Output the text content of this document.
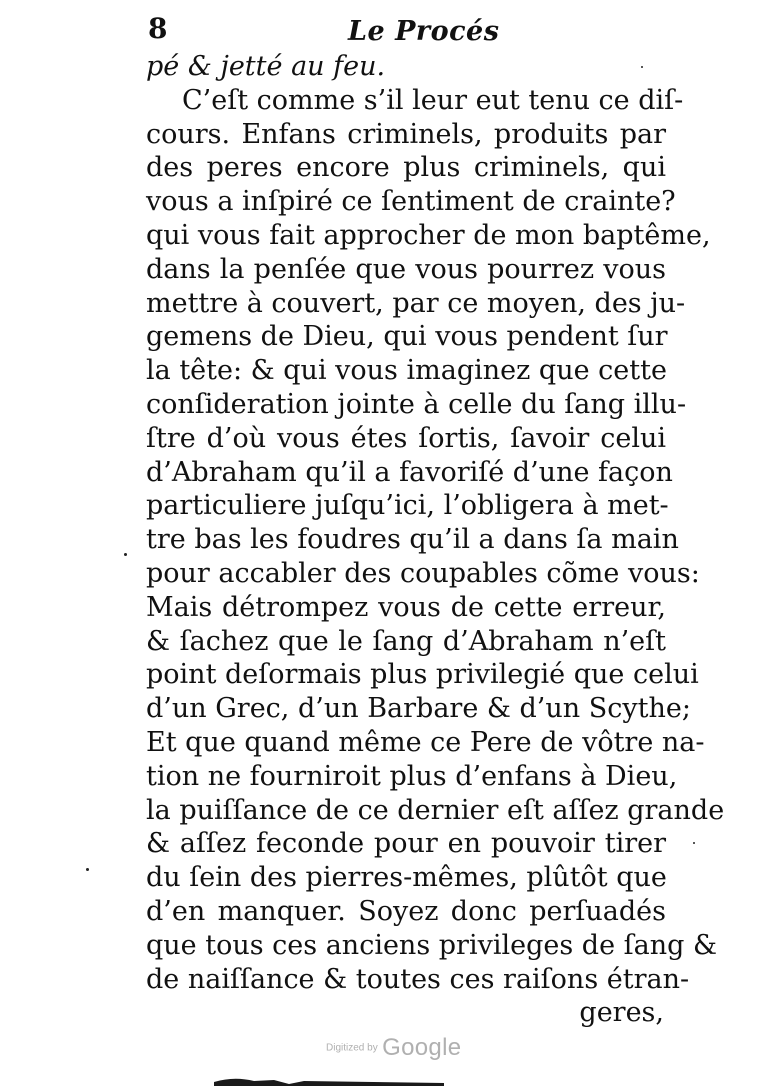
8	Le Procés
pé & jetté au feu.
C’eſt comme s’il leur eut tenu ce diſ-
cours. Enfans criminels, produits par
des peres encore plus criminels, qui
vous a inſpiré ce ſentiment de crainte?
qui vous fait approcher de mon baptême,
dans la penſée que vous pourrez vous
mettre à couvert, par ce moyen, des ju-
gemens de Dieu, qui vous pendent ſur
la tête: & qui vous imaginez que cette
conſideration jointe à celle du ſang illu-
ſtre d’où vous étes ſortis, ſavoir celui
d’Abraham qu’il a favoriſé d’une façon
particuliere juſqu’ici, l’obligera à met-
tre bas les foudres qu’il a dans ſa main
pour accabler des coupables cõme vous:
Mais détrompez vous de cette erreur,
& ſachez que le ſang d’Abraham n’eſt
point deſormais plus privilegié que celui
d’un Grec, d’un Barbare & d’un Scythe;
Et que quand même ce Pere de vôtre na-
tion ne fourniroit plus d’enfans à Dieu,
la puiſſance de ce dernier eſt aſſez grande
& aſſez feconde pour en pouvoir tirer
du ſein des pierres-mêmes, plûtôt que
d’en manquer. Soyez donc perſuadés
que tous ces anciens privileges de ſang &
de naiſſance & toutes ces raiſons étran-
geres,
Digitized by Google
